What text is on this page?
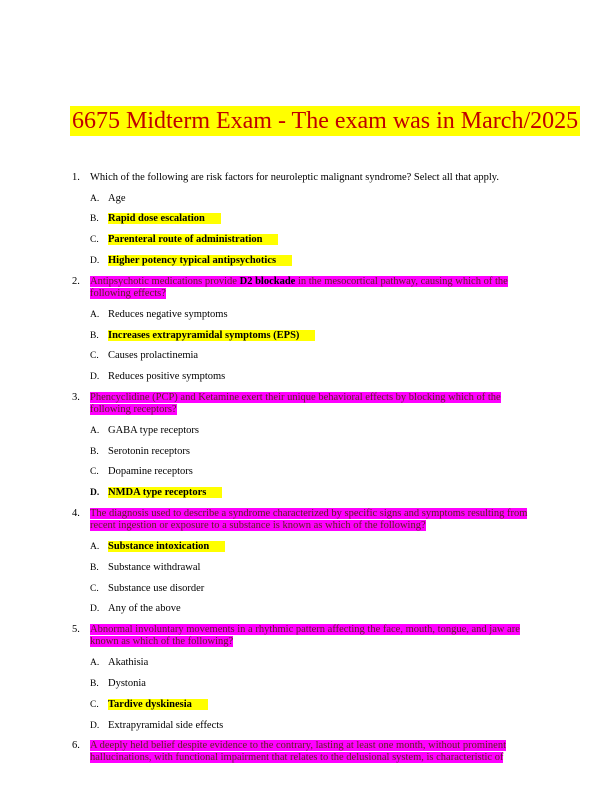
6675 Midterm Exam - The exam was in March/2025
1. Which of the following are risk factors for neuroleptic malignant syndrome? Select all that apply.
A. Age
B. Rapid dose escalation
C. Parenteral route of administration
D. Higher potency typical antipsychotics
2. Antipsychotic medications provide D2 blockade in the mesocortical pathway, causing which of the following effects?
A. Reduces negative symptoms
B. Increases extrapyramidal symptoms (EPS)
C. Causes prolactinemia
D. Reduces positive symptoms
3. Phencyclidine (PCP) and Ketamine exert their unique behavioral effects by blocking which of the following receptors?
A. GABA type receptors
B. Serotonin receptors
C. Dopamine receptors
D. NMDA type receptors
4. The diagnosis used to describe a syndrome characterized by specific signs and symptoms resulting from recent ingestion or exposure to a substance is known as which of the following?
A. Substance intoxication
B. Substance withdrawal
C. Substance use disorder
D. Any of the above
5. Abnormal involuntary movements in a rhythmic pattern affecting the face, mouth, tongue, and jaw are known as which of the following?
A. Akathisia
B. Dystonia
C. Tardive dyskinesia
D. Extrapyramidal side effects
6. A deeply held belief despite evidence to the contrary, lasting at least one month, without prominent hallucinations, with functional impairment that relates to the delusional system, is characteristic of
